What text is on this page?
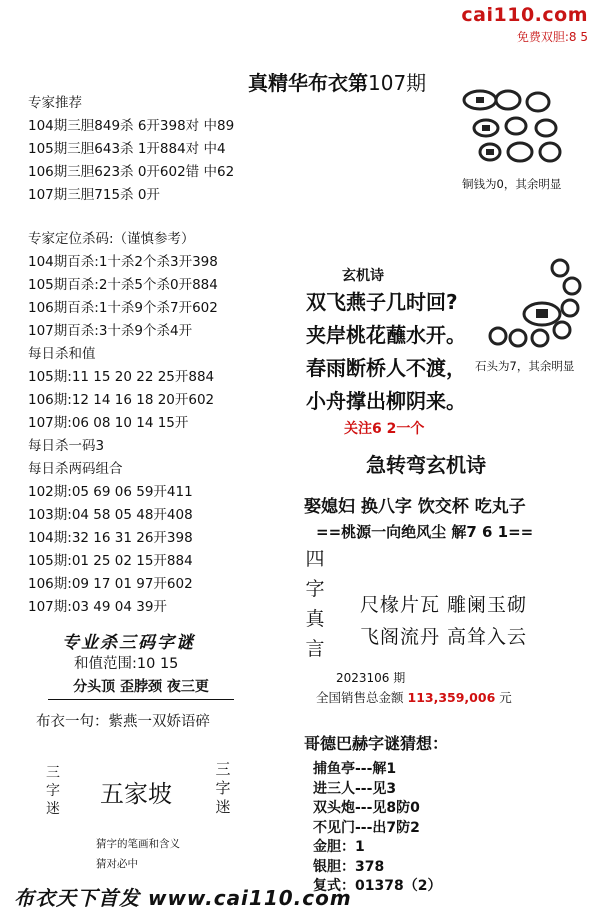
cai110.com
免费双胆:8 5
真精华布衣第107期
专家推荐
104期三胆849杀 6开398对 中89
105期三胆643杀 1开884对 中4
106期三胆623杀 0开602错 中62
107期三胆715杀 0开
专家定位杀码:（谨慎参考）
104期百杀:1十杀2个杀3开398
105期百杀:2十杀5个杀0开884
106期百杀:1十杀9个杀7开602
107期百杀:3十杀9个杀4开
每日杀和值
105期:11 15 20 22 25开884
106期:12 14 16 18 20开602
107期:06 08 10 14 15开
每日杀一码3
每日杀两码组合
102期:05 69 06 59开411
103期:04 58 05 48开408
104期:32 16 31 26开398
105期:01 25 02 15开884
106期:09 17 01 97开602
107期:03 49 04 39开
专业杀三码字谜
和值范围:10 15
分头顶 歪脖颈 夜三更
布衣一句：紫燕一双娇语碎
三
字
迷
五家坡
三
字
迷
猜字的笔画和含义
猜对必中
布衣天下首发 www.cai110.com
铜钱为0，其余明显
石头为7，其余明显
玄机诗
双飞燕子几时回?
夹岸桃花蘸水开。
春雨断桥人不渡，
小舟撑出柳阴来。
关注6 2一个
急转弯玄机诗
娶媳妇 换八字 饮交杯 吃丸子
==桃源一向绝风尘 解7 6 1==
四
字
真
言
尺椽片瓦 雕阑玉砌
飞阁流丹 高耸入云
2023106 期
全国销售总金额 113,359,006 元
哥德巴赫字谜猜想：
捕鱼亭---解1
进三人---见3
双头炮---见8防0
不见门---出7防2
金胆：1
银胆：378
复式：01378（2）
